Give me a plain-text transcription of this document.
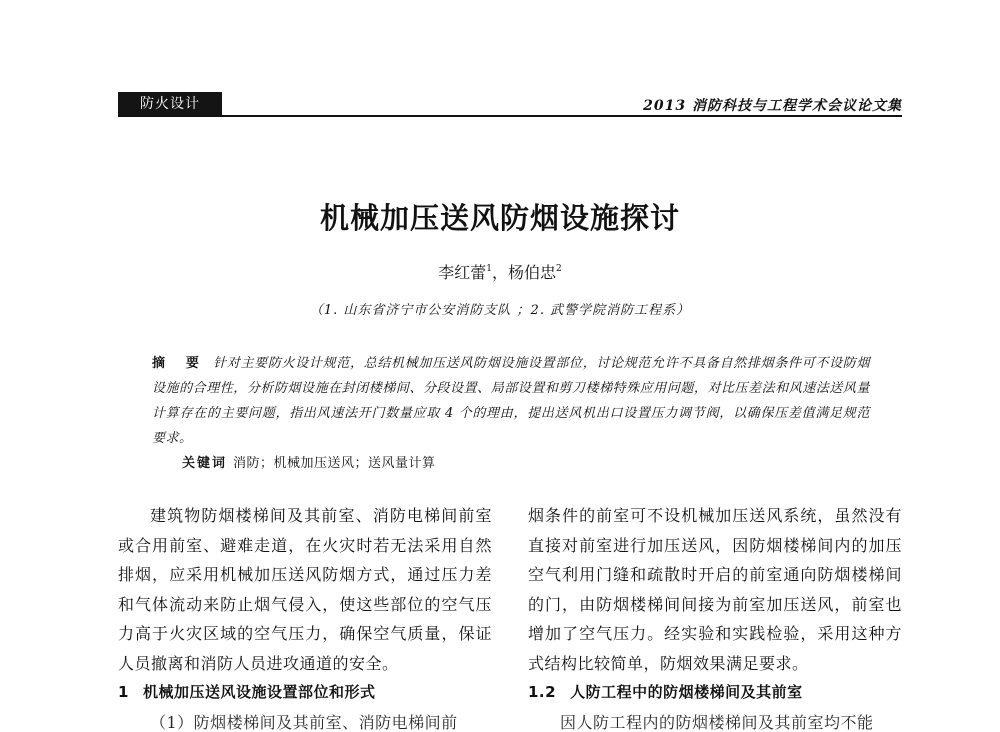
防火设计	2013 消防科技与工程学术会议论文集
机械加压送风防烟设施探讨
李红蕾$^1$，杨伯忠$^2$
（1. 山东省济宁市公安消防支队 ；2. 武警学院消防工程系）
摘 要 针对主要防火设计规范，总结机械加压送风防烟设施设置部位，讨论规范允许不具备自然排烟条件可不设防烟设施的合理性，分析防烟设施在封闭楼梯间、分段设置、局部设置和剪刀楼梯特殊应用问题，对比压差法和风速法送风量计算存在的主要问题，指出风速法开门数量应取 4 个的理由，提出送风机出口设置压力调节阀，以确保压差值满足规范要求。
关键词 消防；机械加压送风；送风量计算

建筑物防烟楼梯间及其前室、消防电梯间前室或合用前室、避难走道，在火灾时若无法采用自然排烟，应采用机械加压送风防烟方式，通过压力差和气体流动来防止烟气侵入，使这些部位的空气压力高于火灾区域的空气压力，确保空气质量，保证人员撤离和消防人员进攻通道的安全。

1 机械加压送风设施设置部位和形式

（1）防烟楼梯间及其前室、消防电梯间前

烟条件的前室可不设机械加压送风系统，虽然没有直接对前室进行加压送风，因防烟楼梯间内的加压空气利用门缝和疏散时开启的前室通向防烟楼梯间的门，由防烟楼梯间间接为前室加压送风，前室也增加了空气压力。经实验和实践检验，采用这种方式结构比较简单，防烟效果满足要求。

1.2 人防工程中的防烟楼梯间及其前室

因人防工程内的防烟楼梯间及其前室均不能
